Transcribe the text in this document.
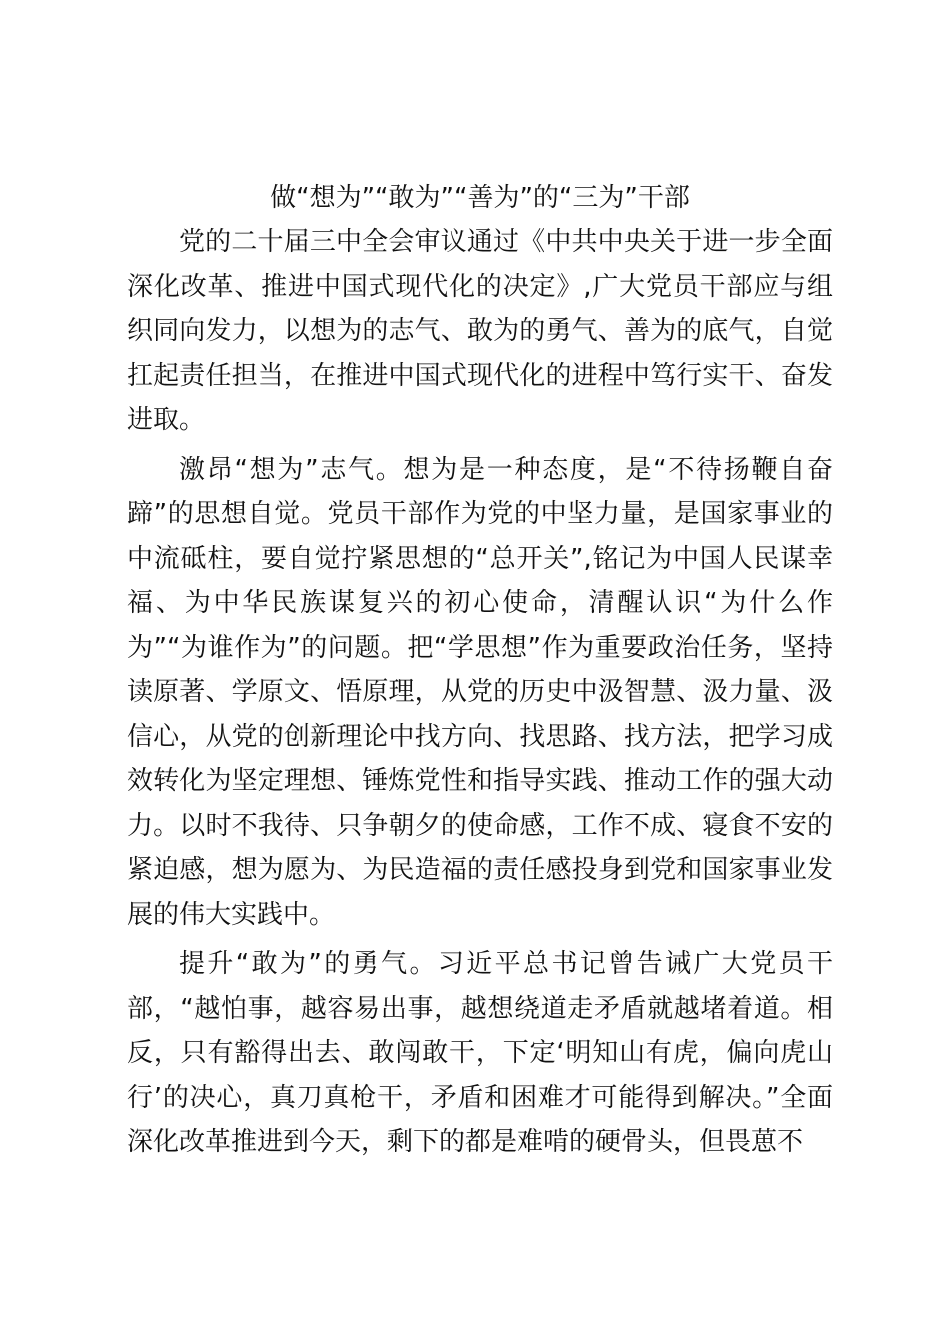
做“想为”“敢为”“善为”的“三为”干部

党的二十届三中全会审议通过《中共中央关于进一步全面深化改革、推进中国式现代化的决定》,广大党员干部应与组织同向发力，以想为的志气、敢为的勇气、善为的底气，自觉扛起责任担当，在推进中国式现代化的进程中笃行实干、奋发进取。

激昂“想为”志气。想为是一种态度，是“不待扬鞭自奋蹄”的思想自觉。党员干部作为党的中坚力量，是国家事业的中流砥柱，要自觉拧紧思想的“总开关”,铭记为中国人民谋幸福、为中华民族谋复兴的初心使命，清醒认识“为什么作为”“为谁作为”的问题。把“学思想”作为重要政治任务，坚持读原著、学原文、悟原理，从党的历史中汲智慧、汲力量、汲信心，从党的创新理论中找方向、找思路、找方法，把学习成效转化为坚定理想、锤炼党性和指导实践、推动工作的强大动力。以时不我待、只争朝夕的使命感，工作不成、寝食不安的紧迫感，想为愿为、为民造福的责任感投身到党和国家事业发展的伟大实践中。

提升“敢为”的勇气。习近平总书记曾告诫广大党员干部，“越怕事，越容易出事，越想绕道走矛盾就越堵着道。相反，只有豁得出去、敢闯敢干，下定‘明知山有虎，偏向虎山行’的决心，真刀真枪干，矛盾和困难才可能得到解决。”全面深化改革推进到今天，剩下的都是难啃的硬骨头，但畏葸不
